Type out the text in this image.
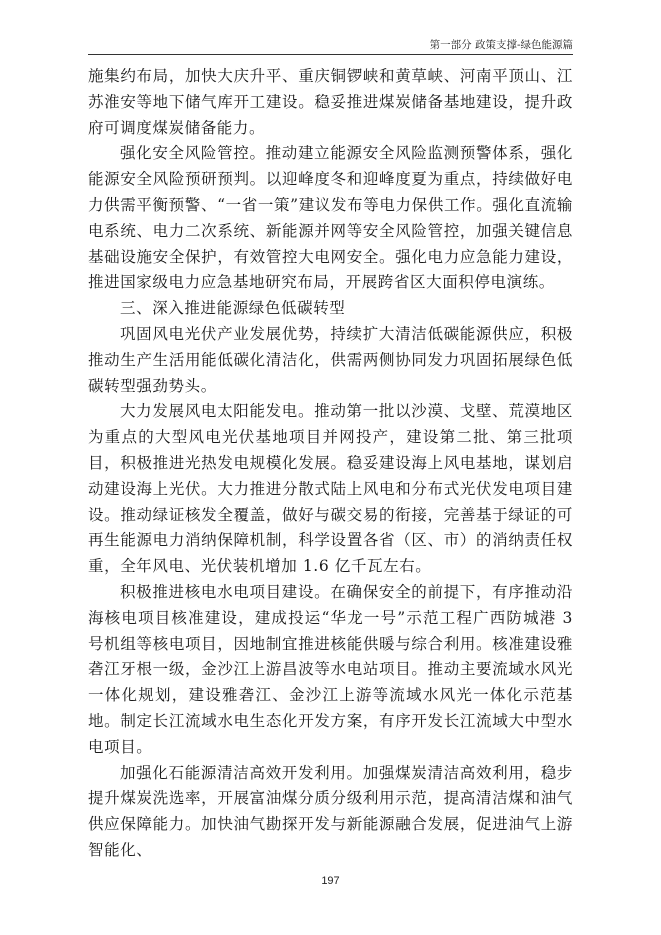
第一部分 政策支撑-绿色能源篇

施集约布局，加快大庆升平、重庆铜锣峡和黄草峡、河南平顶山、江苏淮安等地下储气库开工建设。稳妥推进煤炭储备基地建设，提升政府可调度煤炭储备能力。

强化安全风险管控。推动建立能源安全风险监测预警体系，强化能源安全风险预研预判。以迎峰度冬和迎峰度夏为重点，持续做好电力供需平衡预警、“一省一策”建议发布等电力保供工作。强化直流输电系统、电力二次系统、新能源并网等安全风险管控，加强关键信息基础设施安全保护，有效管控大电网安全。强化电力应急能力建设，推进国家级电力应急基地研究布局，开展跨省区大面积停电演练。

三、深入推进能源绿色低碳转型

巩固风电光伏产业发展优势，持续扩大清洁低碳能源供应，积极推动生产生活用能低碳化清洁化，供需两侧协同发力巩固拓展绿色低碳转型强劲势头。

大力发展风电太阳能发电。推动第一批以沙漠、戈壁、荒漠地区为重点的大型风电光伏基地项目并网投产，建设第二批、第三批项目，积极推进光热发电规模化发展。稳妥建设海上风电基地，谋划启动建设海上光伏。大力推进分散式陆上风电和分布式光伏发电项目建设。推动绿证核发全覆盖，做好与碳交易的衔接，完善基于绿证的可再生能源电力消纳保障机制，科学设置各省（区、市）的消纳责任权重，全年风电、光伏装机增加 1.6 亿千瓦左右。

积极推进核电水电项目建设。在确保安全的前提下，有序推动沿海核电项目核准建设，建成投运“华龙一号”示范工程广西防城港 3 号机组等核电项目，因地制宜推进核能供暖与综合利用。核准建设雅砻江牙根一级，金沙江上游昌波等水电站项目。推动主要流域水风光一体化规划，建设雅砻江、金沙江上游等流域水风光一体化示范基地。制定长江流域水电生态化开发方案，有序开发长江流域大中型水电项目。

加强化石能源清洁高效开发利用。加强煤炭清洁高效利用，稳步提升煤炭洗选率，开展富油煤分质分级利用示范，提高清洁煤和油气供应保障能力。加快油气勘探开发与新能源融合发展，促进油气上游智能化、

197
